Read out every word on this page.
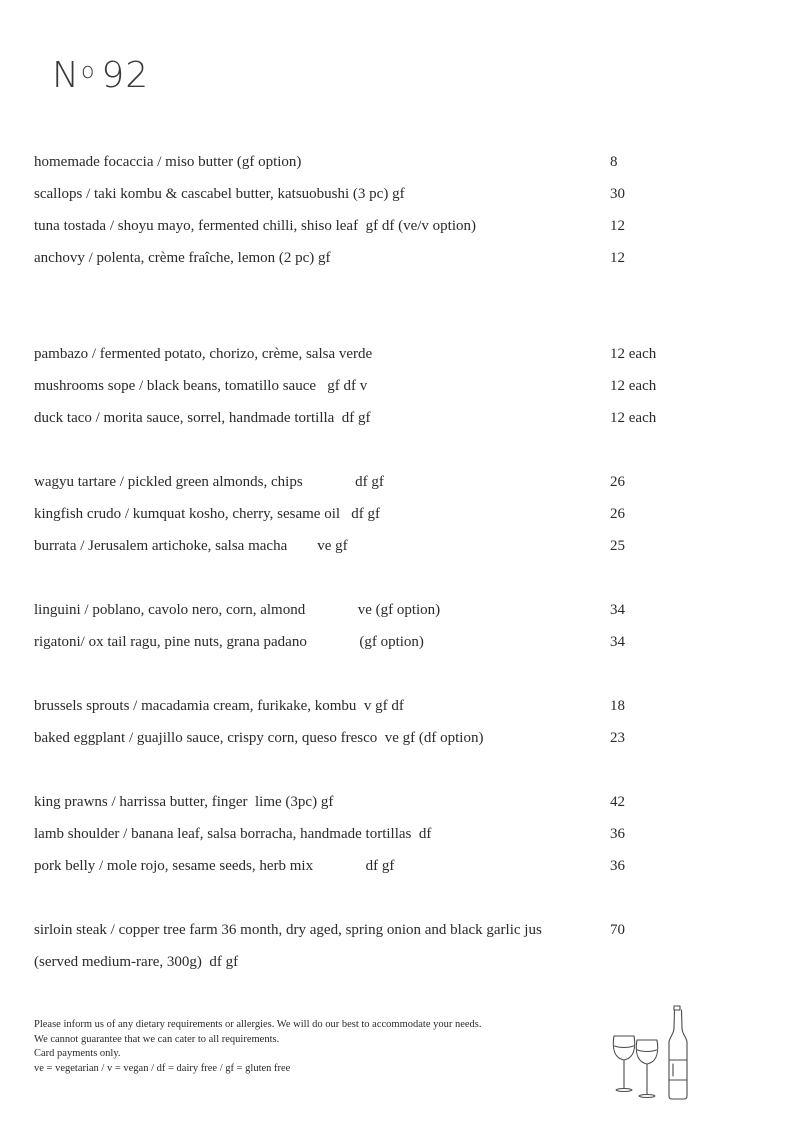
$N^o$ 92
homemade focaccia / miso butter (gf option)	8
scallops / taki kombu & cascabel butter, katsuobushi (3 pc) gf	30
tuna tostada / shoyu mayo, fermented chilli, shiso leaf  gf df (ve/v option)	12
anchovy / polenta, crème fraîche, lemon (2 pc) gf	12
pambazo / fermented potato, chorizo, crème, salsa verde	12 each
mushrooms sope / black beans, tomatillo sauce   gf df v	12 each
duck taco / morita sauce, sorrel, handmade tortilla  df gf	12 each
wagyu tartare / pickled green almonds, chips              df gf	26
kingfish crudo / kumquat kosho, cherry, sesame oil   df gf	26
burrata / Jerusalem artichoke, salsa macha        ve gf	25
linguini / poblano, cavolo nero, corn, almond              ve (gf option)	34
rigatoni/ ox tail ragu, pine nuts, grana padano              (gf option)	34
brussels sprouts / macadamia cream, furikake, kombu  v gf df	18
baked eggplant / guajillo sauce, crispy corn, queso fresco  ve gf (df option)	23
king prawns / harrissa butter, finger  lime (3pc) gf	42
lamb shoulder / banana leaf, salsa borracha, handmade tortillas  df	36
pork belly / mole rojo, sesame seeds, herb mix              df gf	36
sirloin steak / copper tree farm 36 month, dry aged, spring onion and black garlic jus	70
(served medium-rare, 300g)  df gf
Please inform us of any dietary requirements or allergies. We will do our best to accommodate your needs.
We cannot guarantee that we can cater to all requirements.
Card payments only.
ve = vegetarian / v = vegan / df = dairy free / gf = gluten free
